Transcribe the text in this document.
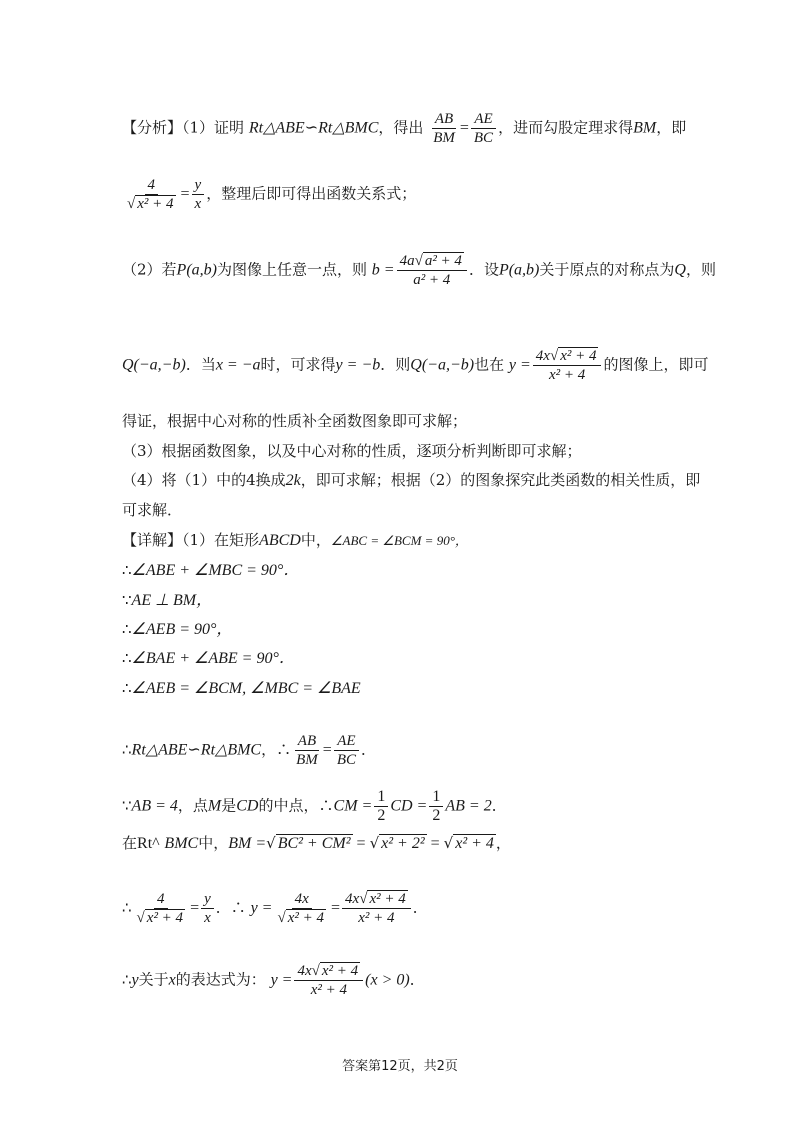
【分析】（1）证明 Rt△ABE∽Rt△BMC，得出 $\frac{AB}{BM} = \frac{AE}{BC}$ ，进而勾股定理求得BM，即
$\frac{4}{\text{√ x² + 4}} = \frac{y}{x}$ ，整理后即可得出函数关系式；
（2）若P(a,b)为图像上任意一点，则 $b = \frac{\text{4a√ a² + 4}}{\text{a² + 4}}$ ．设P(a,b)关于原点的对称点为Q，则
Q(−a,−b)．当x = −a时，可求得y = −b．则Q(−a,−b)也在 $y = \frac{\text{4x√ x² + 4}}{\text{x² + 4}}$ 的图像上，即可
得证，根据中心对称的性质补全函数图象即可求解；
（3）根据函数图象，以及中心对称的性质，逐项分析判断即可求解；
（4）将（1）中的4换成2k，即可求解；根据（2）的图象探究此类函数的相关性质，即
可求解．
【详解】（1）在矩形ABCD中，∠ABC = ∠BCM = 90°，
∴∠ABE + ∠MBC = 90°．
∵AE ⊥ BM，
∴∠AEB = 90°，
∴∠BAE + ∠ABE = 90°．
∴∠AEB = ∠BCM, ∠MBC = ∠BAE
∴Rt△ABE∽Rt△BMC，∴ $\frac{AB}{BM} = \frac{AE}{BC}$ ．
∵AB = 4，点M是CD的中点，∴CM = $\frac{1}{2}$ CD = $\frac{1}{2}$ AB = 2．
在Rt^ BMC中，BM =√ BC² + CM² = √ x² + 2² = √ x² + 4 ，
∴ $\frac{4}{\text{√ x² + 4}} = \frac{y}{x}$ ．∴ $y = \frac{4x}{\text{√ x² + 4}} = \frac{\text{4x√ x² + 4}}{\text{x² + 4}}$ ．
∴y关于x的表达式为： $y = \frac{\text{4x√ x² + 4}}{\text{x² + 4}} (x > 0)$．
答案第12页，共2页
